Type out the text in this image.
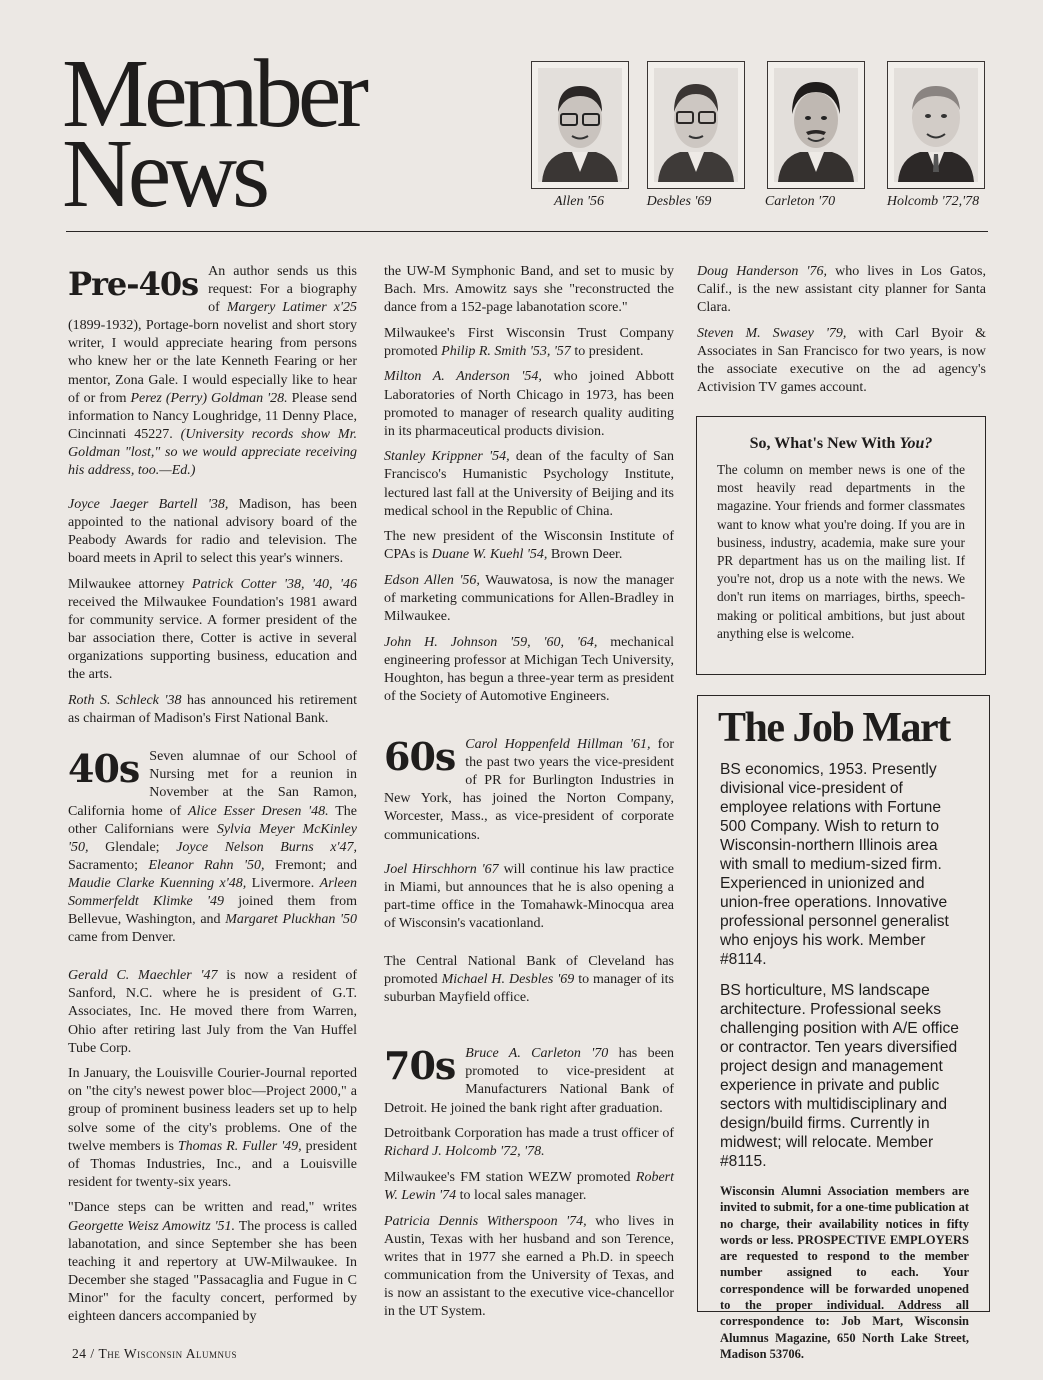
Member
News	Allen '56	Desbles '69	Carleton '70	Holcomb '72,'78

Pre-40s An author sends us this request: For a biography of Margery Latimer x'25 (1899-1932), Portage-born novelist and short story writer, I would appreciate hearing from persons who knew her or the late Kenneth Fearing or her mentor, Zona Gale. I would especially like to hear of or from Perez (Perry) Goldman '28. Please send information to Nancy Loughridge, 11 Denny Place, Cincinnati 45227. (University records show Mr. Goldman "lost," so we would appreciate receiving his address, too.—Ed.)

Joyce Jaeger Bartell '38, Madison, has been appointed to the national advisory board of the Peabody Awards for radio and television. The board meets in April to select this year's winners.

Milwaukee attorney Patrick Cotter '38, '40, '46 received the Milwaukee Foundation's 1981 award for community service. A former president of the bar association there, Cotter is active in several organizations supporting business, education and the arts.

Roth S. Schleck '38 has announced his retirement as chairman of Madison's First National Bank.

40s Seven alumnae of our School of Nursing met for a reunion in November at the San Ramon, California home of Alice Esser Dresen '48. The other Californians were Sylvia Meyer McKinley '50, Glendale; Joyce Nelson Burns x'47, Sacramento; Eleanor Rahn '50, Fremont; and Maudie Clarke Kuenning x'48, Livermore. Arleen Sommerfeldt Klimke '49 joined them from Bellevue, Washington, and Margaret Pluckhan '50 came from Denver.

Gerald C. Maechler '47 is now a resident of Sanford, N.C. where he is president of G.T. Associates, Inc. He moved there from Warren, Ohio after retiring last July from the Van Huffel Tube Corp.

In January, the Louisville Courier-Journal reported on "the city's newest power bloc—Project 2000," a group of prominent business leaders set up to help solve some of the city's problems. One of the twelve members is Thomas R. Fuller '49, president of Thomas Industries, Inc., and a Louisville resident for twenty-six years.

"Dance steps can be written and read," writes Georgette Weisz Amowitz '51. The process is called labanotation, and since September she has been teaching it and repertory at UW-Milwaukee. In December she staged "Passacaglia and Fugue in C Minor" for the faculty concert, performed by eighteen dancers accompanied by

the UW-M Symphonic Band, and set to music by Bach. Mrs. Amowitz says she "reconstructed the dance from a 152-page labanotation score."

Milwaukee's First Wisconsin Trust Company promoted Philip R. Smith '53, '57 to president.

Milton A. Anderson '54, who joined Abbott Laboratories of North Chicago in 1973, has been promoted to manager of research quality auditing in its pharmaceutical products division.

Stanley Krippner '54, dean of the faculty of San Francisco's Humanistic Psychology Institute, lectured last fall at the University of Beijing and its medical school in the Republic of China.

The new president of the Wisconsin Institute of CPAs is Duane W. Kuehl '54, Brown Deer.

Edson Allen '56, Wauwatosa, is now the manager of marketing communications for Allen-Bradley in Milwaukee.

John H. Johnson '59, '60, '64, mechanical engineering professor at Michigan Tech University, Houghton, has begun a three-year term as president of the Society of Automotive Engineers.

60s Carol Hoppenfeld Hillman '61, for the past two years the vice-president of PR for Burlington Industries in New York, has joined the Norton Company, Worcester, Mass., as vice-president of corporate communications.

Joel Hirschhorn '67 will continue his law practice in Miami, but announces that he is also opening a part-time office in the Tomahawk-Minocqua area of Wisconsin's vacationland.

The Central National Bank of Cleveland has promoted Michael H. Desbles '69 to manager of its suburban Mayfield office.

70s Bruce A. Carleton '70 has been promoted to vice-president at Manufacturers National Bank of Detroit. He joined the bank right after graduation.

Detroitbank Corporation has made a trust officer of Richard J. Holcomb '72, '78.

Milwaukee's FM station WEZW promoted Robert W. Lewin '74 to local sales manager.

Patricia Dennis Witherspoon '74, who lives in Austin, Texas with her husband and son Terence, writes that in 1977 she earned a Ph.D. in speech communication from the University of Texas, and is now an assistant to the executive vice-chancellor in the UT System.

Doug Handerson '76, who lives in Los Gatos, Calif., is the new assistant city planner for Santa Clara.

Steven M. Swasey '79, with Carl Byoir & Associates in San Francisco for two years, is now the associate executive on the ad agency's Activision TV games account.

So, What's New With You?

The column on member news is one of the most heavily read departments in the magazine. Your friends and former classmates want to know what you're doing. If you are in business, industry, academia, make sure your PR department has us on the mailing list. If you're not, drop us a note with the news. We don't run items on marriages, births, speech-making or political ambitions, but just about anything else is welcome.

The Job Mart

BS economics, 1953. Presently divisional vice-president of employee relations with Fortune 500 Company. Wish to return to Wisconsin-northern Illinois area with small to medium-sized firm. Experienced in unionized and union-free operations. Innovative professional personnel generalist who enjoys his work. Member #8114.

BS horticulture, MS landscape architecture. Professional seeks challenging position with A/E office or contractor. Ten years diversified project design and management experience in private and public sectors with multidisciplinary and design/build firms. Currently in midwest; will relocate. Member #8115.

Wisconsin Alumni Association members are invited to submit, for a one-time publication at no charge, their availability notices in fifty words or less. PROSPECTIVE EMPLOYERS are requested to respond to the member number assigned to each. Your correspondence will be forwarded unopened to the proper individual. Address all correspondence to: Job Mart, Wisconsin Alumnus Magazine, 650 North Lake Street, Madison 53706.

24 / The Wisconsin Alumnus
